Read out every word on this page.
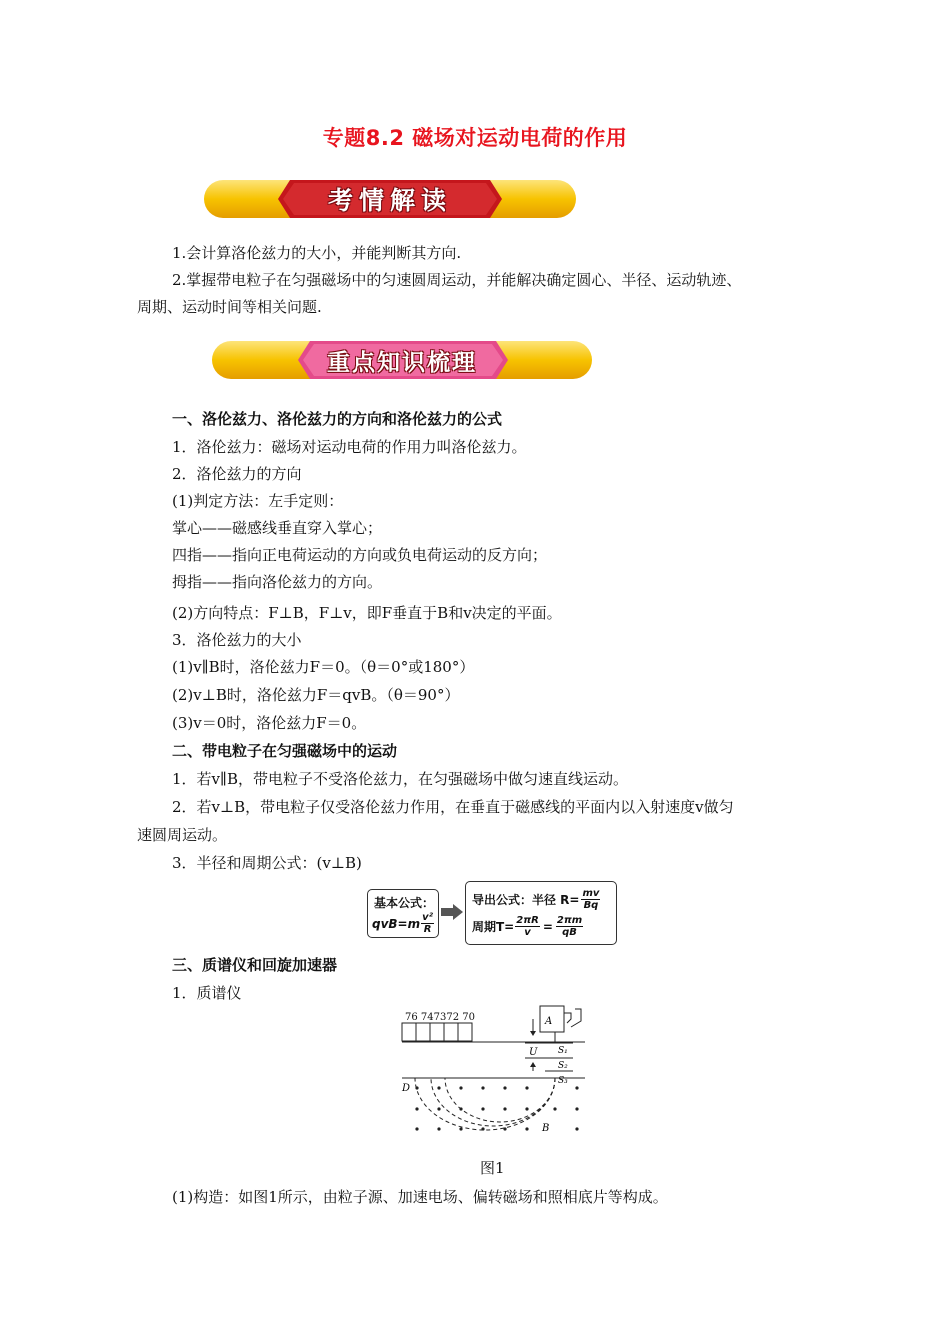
专题8.2 磁场对运动电荷的作用
考情解读
1.会计算洛伦兹力的大小，并能判断其方向.
2.掌握带电粒子在匀强磁场中的匀速圆周运动，并能解决确定圆心、半径、运动轨迹、
周期、运动时间等相关问题.
重点知识梳理
一、洛伦兹力、洛伦兹力的方向和洛伦兹力的公式
1．洛伦兹力：磁场对运动电荷的作用力叫洛伦兹力。
2．洛伦兹力的方向
(1)判定方法：左手定则：
掌心——磁感线垂直穿入掌心；
四指——指向正电荷运动的方向或负电荷运动的反方向；
拇指——指向洛伦兹力的方向。
(2)方向特点：F⊥B，F⊥v，即F垂直于B和v决定的平面。
3．洛伦兹力的大小
(1)v∥B时，洛伦兹力F＝0。（θ＝0°或180°）
(2)v⊥B时，洛伦兹力F＝qvB。（θ＝90°）
(3)v＝0时，洛伦兹力F＝0。
二、带电粒子在匀强磁场中的运动
1．若v∥B，带电粒子不受洛伦兹力，在匀强磁场中做匀速直线运动。
2．若v⊥B，带电粒子仅受洛伦兹力作用，在垂直于磁感线的平面内以入射速度v做匀
速圆周运动。
3．半径和周期公式：(v⊥B)
基本公式：
qvB=m v²
R
导出公式：半径 $R= \frac{mv}{Bq}$
周期$T= \frac{2\pi R}{v} = \frac{2\pi m}{qB}$
三、质谱仪和回旋加速器
1．质谱仪
76 747372 70	A
U S₁
S₂
S₃
D
B
图1
(1)构造：如图1所示，由粒子源、加速电场、偏转磁场和照相底片等构成。
